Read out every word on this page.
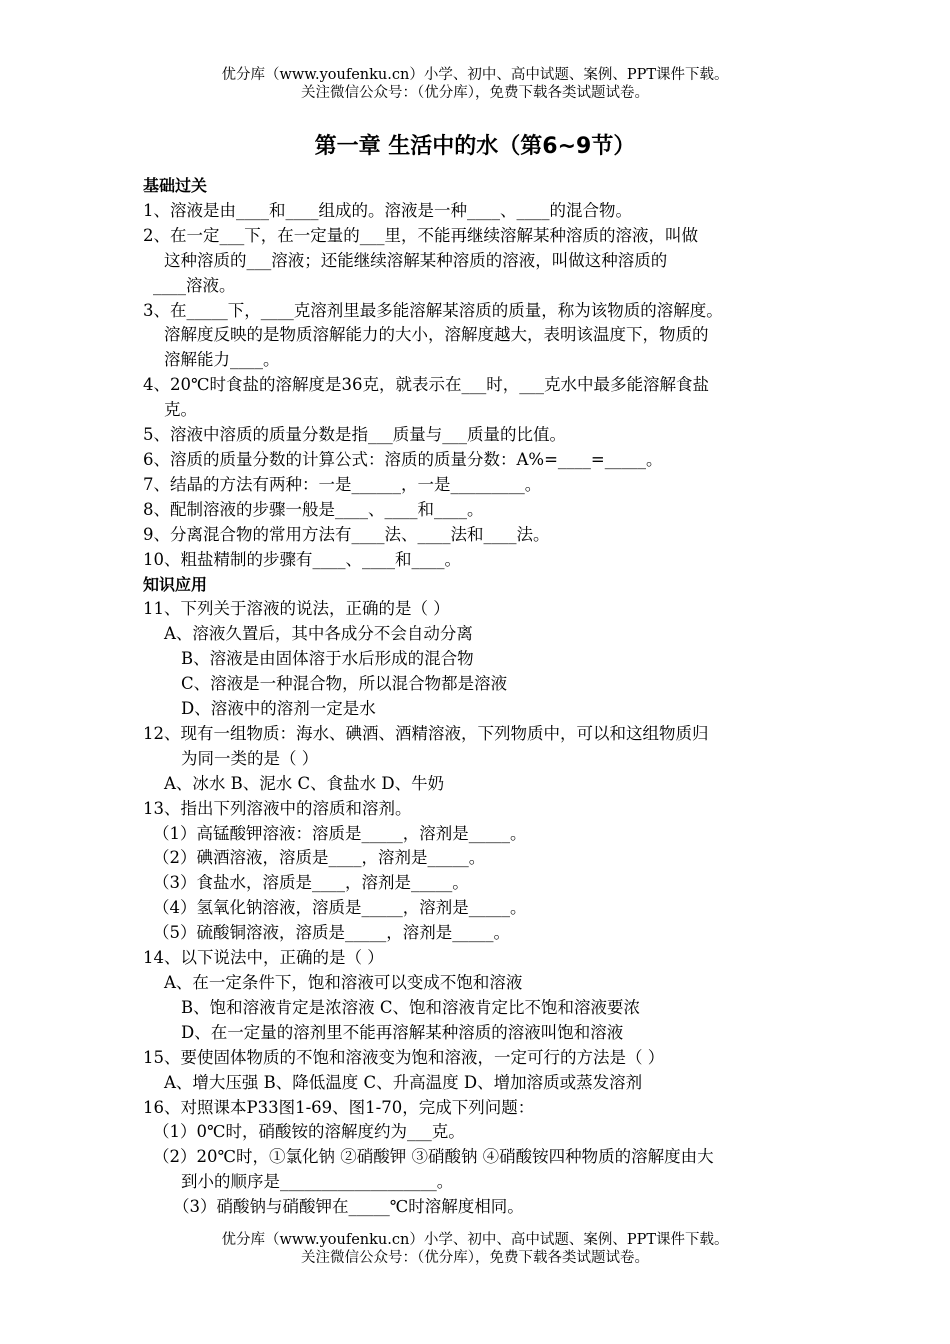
优分库（www.youfenku.cn）小学、初中、高中试题、案例、PPT课件下载。
关注微信公众号：（优分库），免费下载各类试题试卷。
第一章 生活中的水（第6~9节）
基础过关
1、溶液是由____和____组成的。溶液是一种____、____的混合物。
2、在一定___下，在一定量的___里，不能再继续溶解某种溶质的溶液，叫做
这种溶质的___溶液；还能继续溶解某种溶质的溶液，叫做这种溶质的
____溶液。
3、在_____下，____克溶剂里最多能溶解某溶质的质量，称为该物质的溶解度。
溶解度反映的是物质溶解能力的大小，溶解度越大，表明该温度下，物质的
溶解能力____。
4、20℃时食盐的溶解度是36克，就表示在___时，___克水中最多能溶解食盐
克。
5、溶液中溶质的质量分数是指___质量与___质量的比值。
6、溶质的质量分数的计算公式：溶质的质量分数：A%=____=_____。
7、结晶的方法有两种：一是______，一是_________。
8、配制溶液的步骤一般是____、____和____。
9、分离混合物的常用方法有____法、____法和____法。
10、粗盐精制的步骤有____、____和____。
知识应用
11、下列关于溶液的说法，正确的是（ ）
A、溶液久置后，其中各成分不会自动分离
B、溶液是由固体溶于水后形成的混合物
C、溶液是一种混合物，所以混合物都是溶液
D、溶液中的溶剂一定是水
12、现有一组物质：海水、碘酒、酒精溶液，下列物质中，可以和这组物质归
为同一类的是（ ）
A、冰水 B、泥水 C、食盐水 D、牛奶
13、指出下列溶液中的溶质和溶剂。
（1）高锰酸钾溶液：溶质是_____，溶剂是_____。
（2）碘酒溶液，溶质是____，溶剂是_____。
（3）食盐水，溶质是____，溶剂是_____。
（4）氢氧化钠溶液，溶质是_____，溶剂是_____。
（5）硫酸铜溶液，溶质是_____，溶剂是_____。
14、以下说法中，正确的是（ ）
A、在一定条件下，饱和溶液可以变成不饱和溶液
B、饱和溶液肯定是浓溶液 C、饱和溶液肯定比不饱和溶液要浓
D、在一定量的溶剂里不能再溶解某种溶质的溶液叫饱和溶液
15、要使固体物质的不饱和溶液变为饱和溶液，一定可行的方法是（ ）
A、增大压强 B、降低温度 C、升高温度 D、增加溶质或蒸发溶剂
16、对照课本P33图1-69、图1-70，完成下列问题：
（1）0℃时，硝酸铵的溶解度约为___克。
（2）20℃时，①氯化钠 ②硝酸钾 ③硝酸钠 ④硝酸铵四种物质的溶解度由大
到小的顺序是___________________。
（3）硝酸钠与硝酸钾在_____℃时溶解度相同。
优分库（www.youfenku.cn）小学、初中、高中试题、案例、PPT课件下载。
关注微信公众号：（优分库），免费下载各类试题试卷。
